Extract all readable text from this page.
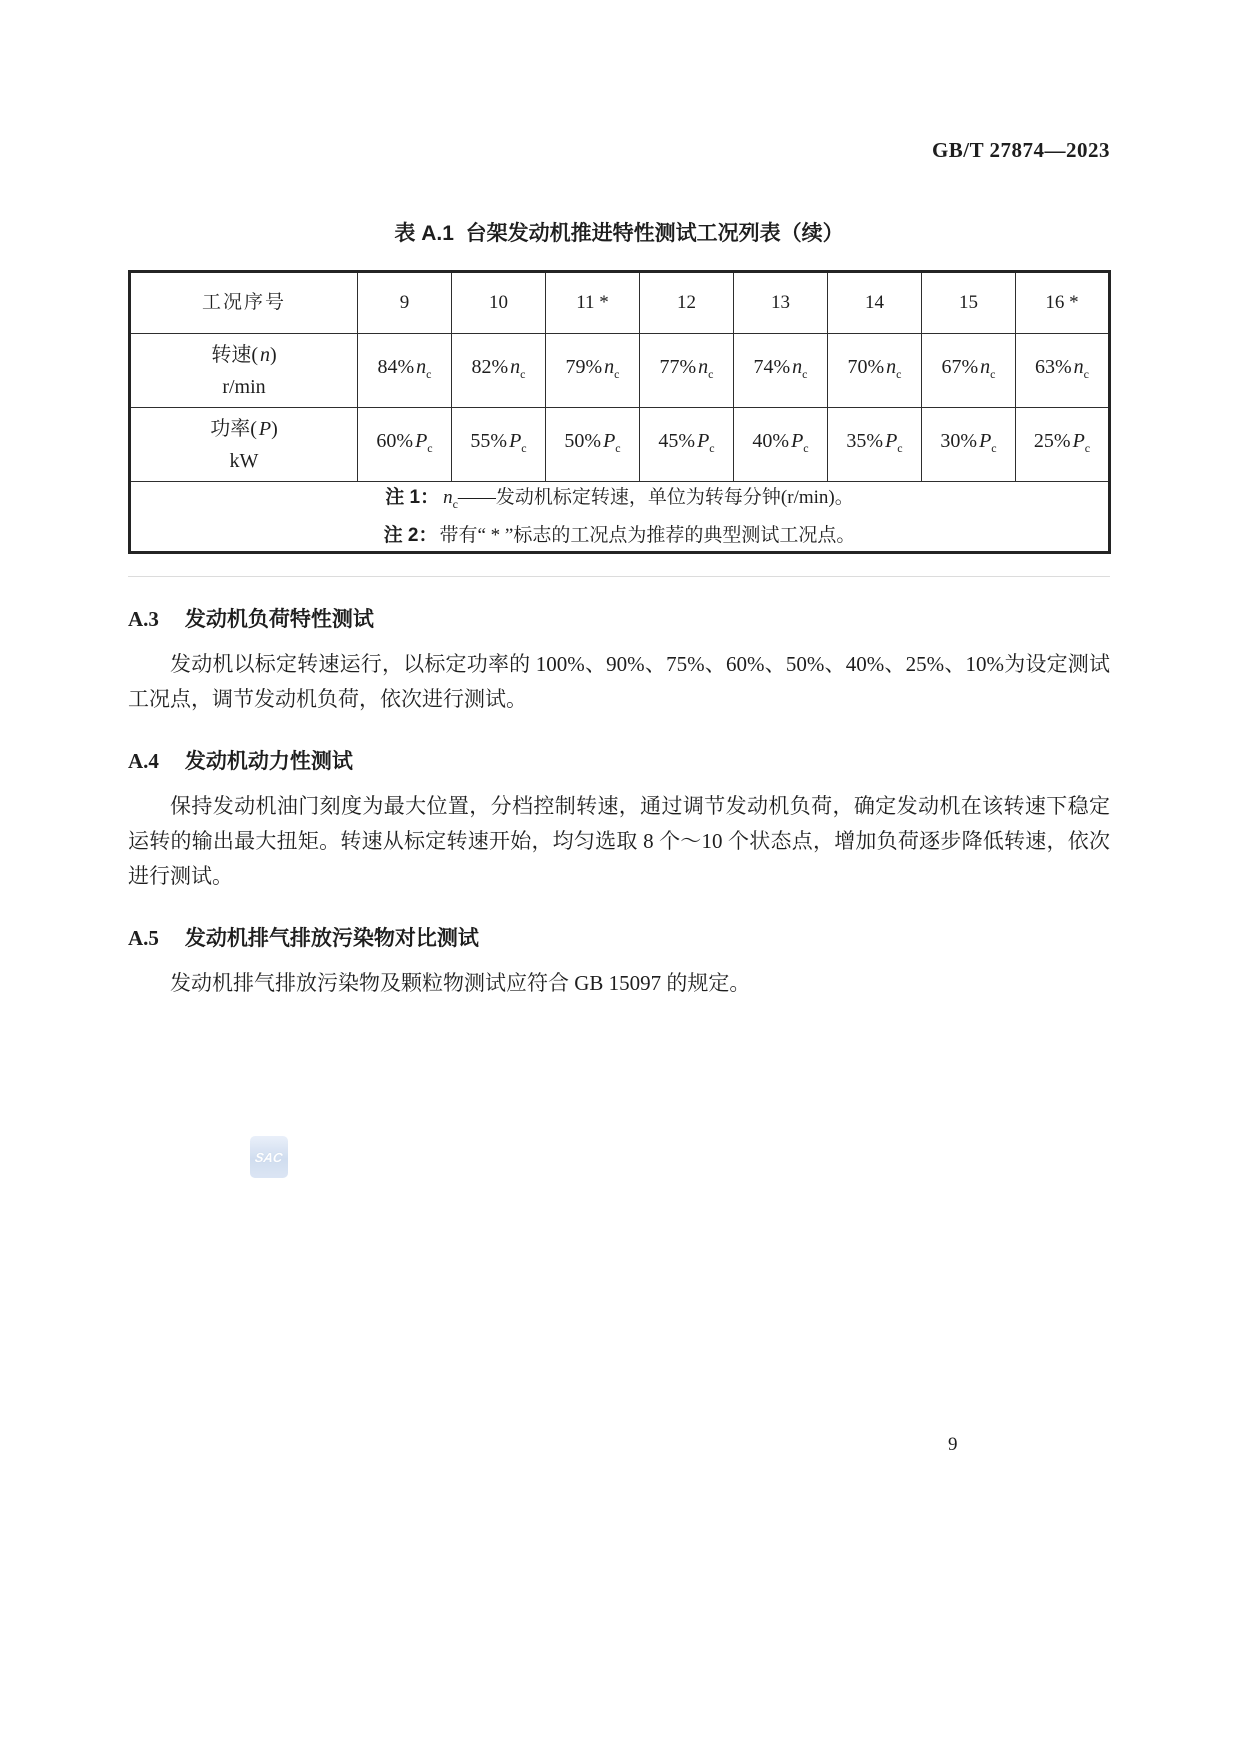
GB/T 27874—2023
表 A.1  台架发动机推进特性测试工况列表（续）
工况序号	9	10	11 *	12	13	14	15	16 *
转速( n)
r/min	84% $n_c$	82% $n_c$	79% $n_c$	77% $n_c$	74% $n_c$	70% $n_c$	67% $n_c$	63% $n_c$
功率( P)
kW	60% $P_c$	55% $P_c$	50% $P_c$	45% $P_c$	40% $P_c$	35% $P_c$	30% $P_c$	25% $P_c$

注 1： $n_c——$发动机标定转速，单位为转每分钟(r/min)。
注 2： 带有“ * ”标志的工况点为推荐的典型测试工况点。								
A.3 发动机负荷特性测试

发动机以标定转速运行，以标定功率的 100%、90%、75%、60%、50%、40%、25%、10%为设定测试工况点，调节发动机负荷，依次进行测试。

A.4 发动机动力性测试

保持发动机油门刻度为最大位置，分档控制转速，通过调节发动机负荷，确定发动机在该转速下稳定运转的输出最大扭矩。转速从标定转速开始，均匀选取 8 个～10 个状态点，增加负荷逐步降低转速，依次进行测试。

A.5 发动机排气排放污染物对比测试

发动机排气排放污染物及颗粒物测试应符合 GB 15097 的规定。

SAC
9
